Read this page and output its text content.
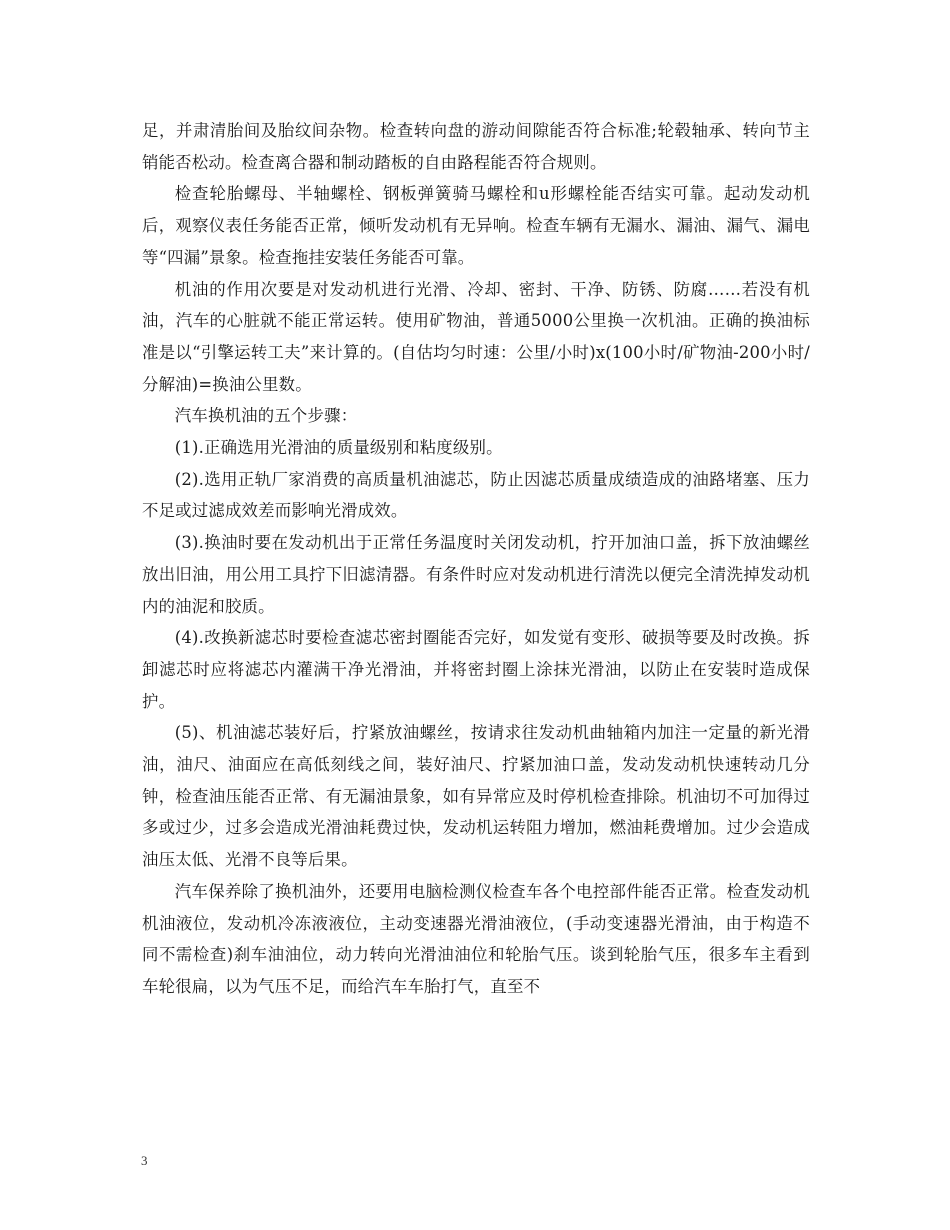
足，并肃清胎间及胎纹间杂物。检查转向盘的游动间隙能否符合标准;轮毂轴承、转向节主销能否松动。检查离合器和制动踏板的自由路程能否符合规则。

检查轮胎螺母、半轴螺栓、钢板弹簧骑马螺栓和u形螺栓能否结实可靠。起动发动机后，观察仪表任务能否正常，倾听发动机有无异响。检查车辆有无漏水、漏油、漏气、漏电等“四漏”景象。检查拖挂安装任务能否可靠。

机油的作用次要是对发动机进行光滑、冷却、密封、干净、防锈、防腐……若没有机油，汽车的心脏就不能正常运转。使用矿物油，普通5000公里换一次机油。正确的换油标准是以“引擎运转工夫”来计算的。(自估均匀时速：公里/小时)x(100小时/矿物油-200小时/分解油)=换油公里数。

汽车换机油的五个步骤：

(1).正确选用光滑油的质量级别和粘度级别。

(2).选用正轨厂家消费的高质量机油滤芯，防止因滤芯质量成绩造成的油路堵塞、压力不足或过滤成效差而影响光滑成效。

(3).换油时要在发动机出于正常任务温度时关闭发动机，拧开加油口盖，拆下放油螺丝放出旧油，用公用工具拧下旧滤清器。有条件时应对发动机进行清洗以便完全清洗掉发动机内的油泥和胶质。

(4).改换新滤芯时要检查滤芯密封圈能否完好，如发觉有变形、破损等要及时改换。拆卸滤芯时应将滤芯内灌满干净光滑油，并将密封圈上涂抹光滑油，以防止在安装时造成保护。

(5)、机油滤芯装好后，拧紧放油螺丝，按请求往发动机曲轴箱内加注一定量的新光滑油，油尺、油面应在高低刻线之间，装好油尺、拧紧加油口盖，发动发动机快速转动几分钟，检查油压能否正常、有无漏油景象，如有异常应及时停机检查排除。机油切不可加得过多或过少，过多会造成光滑油耗费过快，发动机运转阻力增加，燃油耗费增加。过少会造成油压太低、光滑不良等后果。

汽车保养除了换机油外，还要用电脑检测仪检查车各个电控部件能否正常。检查发动机机油液位，发动机冷冻液液位，主动变速器光滑油液位，(手动变速器光滑油，由于构造不同不需检查)刹车油油位，动力转向光滑油油位和轮胎气压。谈到轮胎气压，很多车主看到车轮很扁，以为气压不足，而给汽车车胎打气，直至不

3
